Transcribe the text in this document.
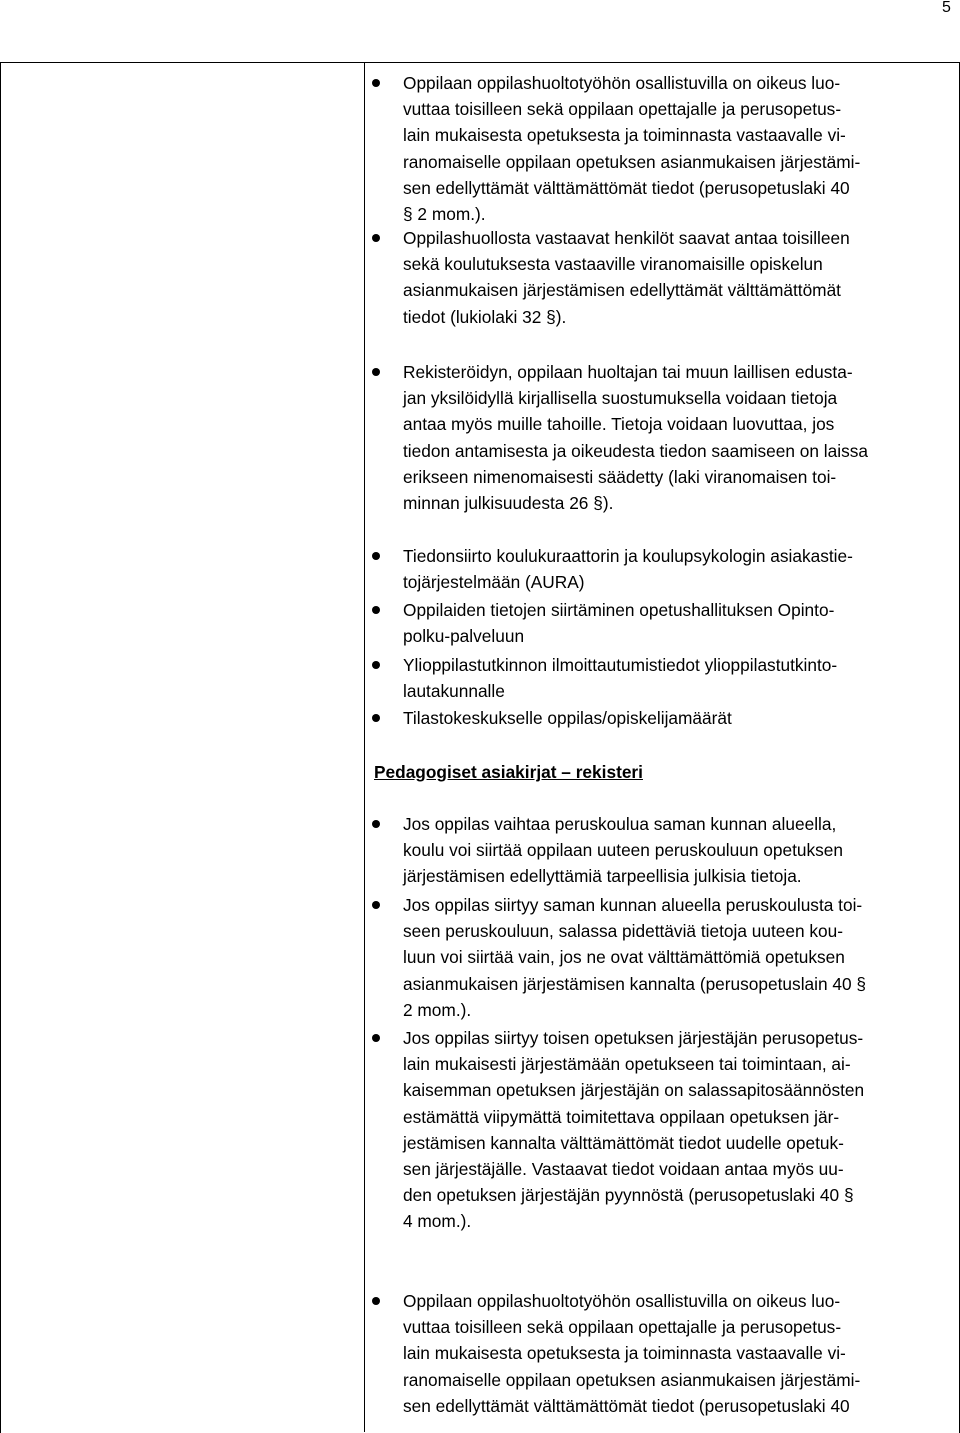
5
Oppilaan oppilashuoltotyöhön osallistuvilla on oikeus luo-
vuttaa toisilleen sekä oppilaan opettajalle ja perusopetus-
lain mukaisesta opetuksesta ja toiminnasta vastaavalle vi-
ranomaiselle oppilaan opetuksen asianmukaisen järjestämi-
sen edellyttämät välttämättömät tiedot (perusopetuslaki 40
§ 2 mom.).
Oppilashuollosta vastaavat henkilöt saavat antaa toisilleen
sekä koulutuksesta vastaaville viranomaisille opiskelun
asianmukaisen järjestämisen edellyttämät välttämättömät
tiedot (lukiolaki 32 §).
Rekisteröidyn, oppilaan huoltajan tai muun laillisen edusta-
jan yksilöidyllä kirjallisella suostumuksella voidaan tietoja
antaa myös muille tahoille. Tietoja voidaan luovuttaa, jos
tiedon antamisesta ja oikeudesta tiedon saamiseen on laissa
erikseen nimenomaisesti säädetty (laki viranomaisen toi-
minnan julkisuudesta 26 §).
Tiedonsiirto koulukuraattorin ja koulupsykologin asiakastie-
tojärjestelmään (AURA)
Oppilaiden tietojen siirtäminen opetushallituksen Opinto-
polku-palveluun
Ylioppilastutkinnon ilmoittautumistiedot ylioppilastutkinto-
lautakunnalle
Tilastokeskukselle oppilas/opiskelijamäärät
Pedagogiset asiakirjat – rekisteri
Jos oppilas vaihtaa peruskoulua saman kunnan alueella,
koulu voi siirtää oppilaan uuteen peruskouluun opetuksen
järjestämisen edellyttämiä tarpeellisia julkisia tietoja.
Jos oppilas siirtyy saman kunnan alueella peruskoulusta toi-
seen peruskouluun, salassa pidettäviä tietoja uuteen kou-
luun voi siirtää vain, jos ne ovat välttämättömiä opetuksen
asianmukaisen järjestämisen kannalta (perusopetuslain 40 §
2 mom.).
Jos oppilas siirtyy toisen opetuksen järjestäjän perusopetus-
lain mukaisesti järjestämään opetukseen tai toimintaan, ai-
kaisemman opetuksen järjestäjän on salassapitosäännösten
estämättä viipymättä toimitettava oppilaan opetuksen jär-
jestämisen kannalta välttämättömät tiedot uudelle opetuk-
sen järjestäjälle. Vastaavat tiedot voidaan antaa myös uu-
den opetuksen järjestäjän pyynnöstä (perusopetuslaki 40 §
4 mom.).
Oppilaan oppilashuoltotyöhön osallistuvilla on oikeus luo-
vuttaa toisilleen sekä oppilaan opettajalle ja perusopetus-
lain mukaisesta opetuksesta ja toiminnasta vastaavalle vi-
ranomaiselle oppilaan opetuksen asianmukaisen järjestämi-
sen edellyttämät välttämättömät tiedot (perusopetuslaki 40
